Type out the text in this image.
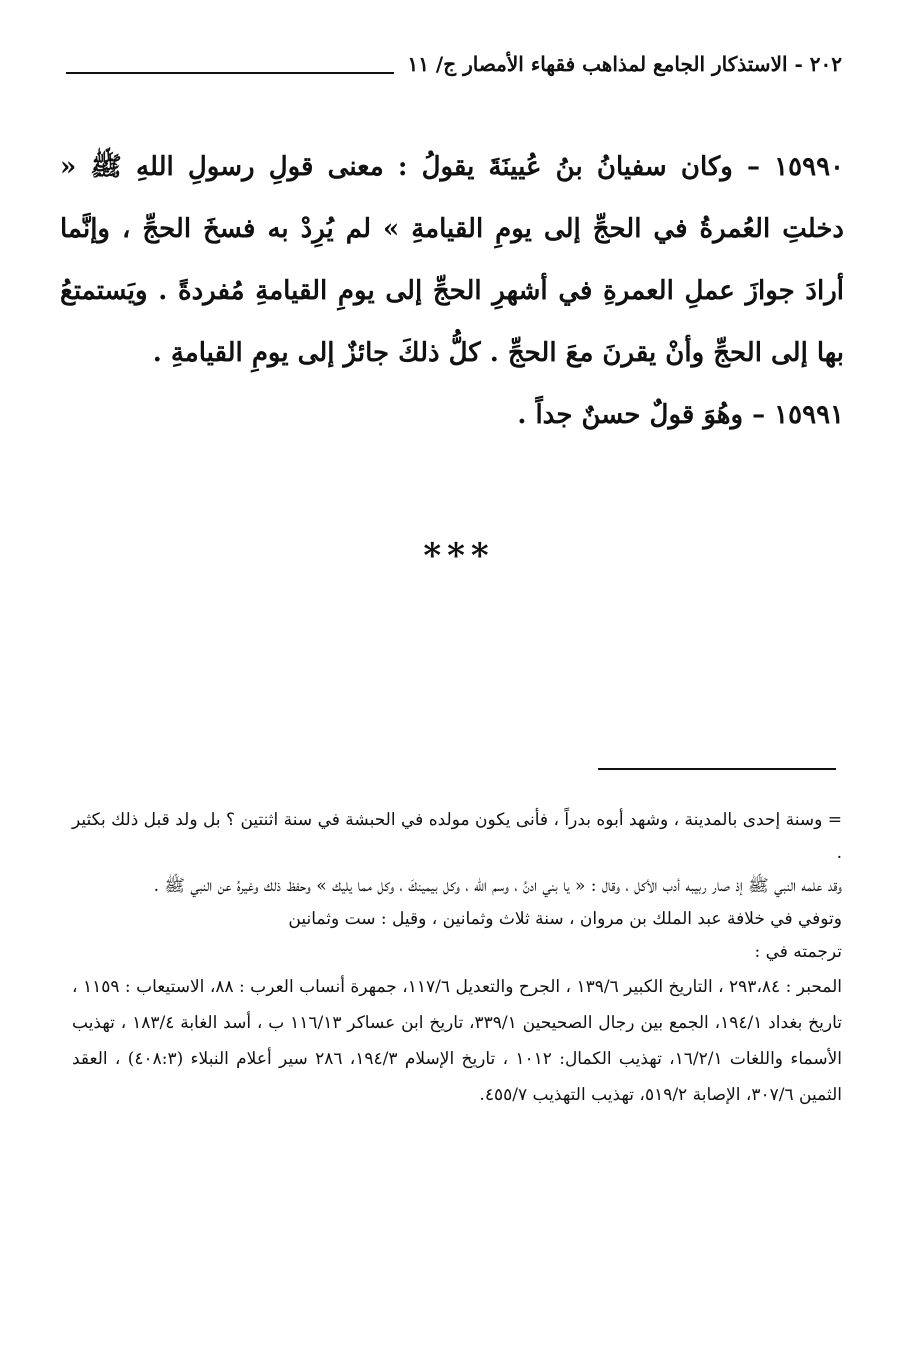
٢٠٢ - الاستذكار الجامع لمذاهب فقهاء الأمصار ج/ ١١

١٥٩٩٠ – وكان سفيانُ بنُ عُيينَةَ يقولُ : معنى قولِ رسولِ اللهِ ﷺ « دخلتِ العُمرةُ في الحجِّ إلى يومِ القيامةِ » لم يُرِدْ به فسخَ الحجِّ ، وإنَّما أرادَ جوازَ عملِ العمرةِ في أشهرِ الحجِّ إلى يومِ القيامةِ مُفردةً . ويَستمتعُ بها إلى الحجِّ وأنْ يقرنَ معَ الحجِّ . كلُّ ذلكَ جائزٌ إلى يومِ القيامةِ .

١٥٩٩١ – وهُوَ قولٌ حسنٌ جداً .

***

= وسنة إحدى بالمدينة ، وشهد أبوه بدراً ، فأنى يكون مولده في الحبشة في سنة اثنتين ؟ بل ولد قبل ذلك بكثير .

وقد علمه النبي ﷺ إذ صار ربيبه أدب الأكل ، وقال : « يا بني ادنُ ، وسم الله ، وكل بيمينكَ ، وكل مما يليك » وحفظ ذلك وغيرهُ عن النبي ﷺ .

وتوفي في خلافة عبد الملك بن مروان ، سنة ثلاث وثمانين ، وقيل : ست وثمانين

ترجمته في :

المحبر : ٢٩٣،٨٤ ، التاريخ الكبير ١٣٩/٦ ، الجرح والتعديل ١١٧/٦، جمهرة أنساب العرب : ٨٨، الاستيعاب : ١١٥٩ ، تاريخ بغداد ١٩٤/١، الجمع بين رجال الصحيحين ٣٣٩/١، تاريخ ابن عساكر ١١٦/١٣ ب ، أسد الغابة ١٨٣/٤ ، تهذيب الأسماء واللغات ١٦/٢/١، تهذيب الكمال: ١٠١٢ ، تاريخ الإسلام ١٩٤/٣، ٢٨٦ سير أعلام النبلاء (٤٠٨:٣) ، العقد الثمين ٣٠٧/٦، الإصابة ٥١٩/٢، تهذيب التهذيب ٤٥٥/٧.
